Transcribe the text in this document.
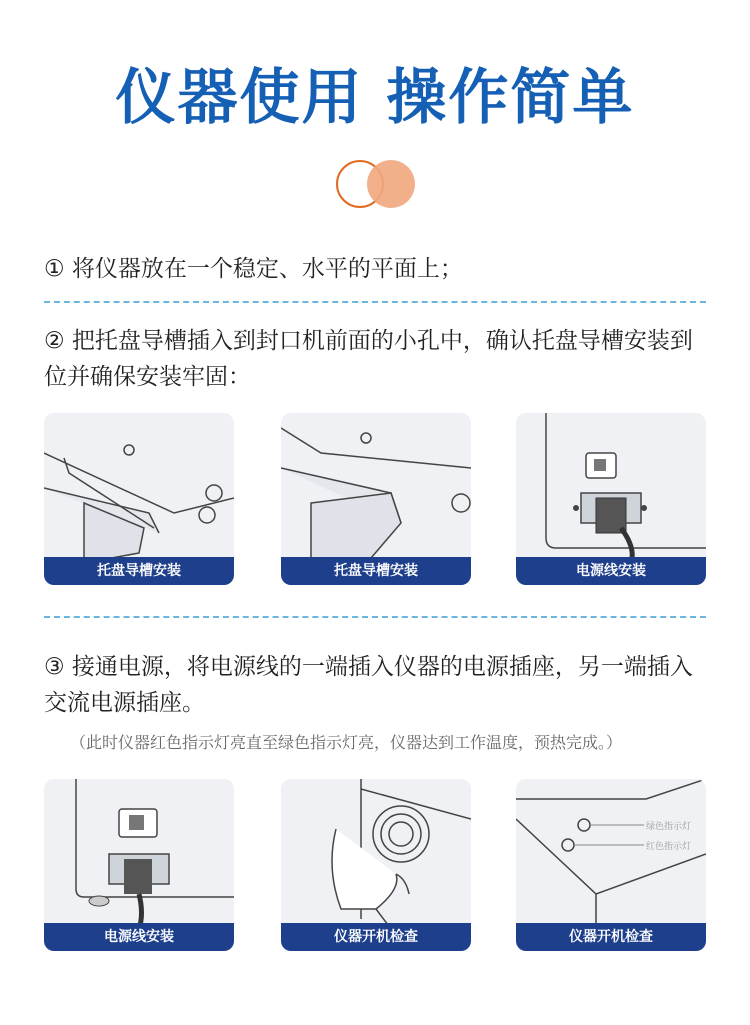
仪器使用 操作简单
① 将仪器放在一个稳定、水平的平面上；
② 把托盘导槽插入到封口机前面的小孔中，确认托盘导槽安装到
位并确保安装牢固：
托盘导槽安装	托盘导槽安装	电源线安装
③ 接通电源，将电源线的一端插入仪器的电源插座，另一端插入
交流电源插座。
（此时仪器红色指示灯亮直至绿色指示灯亮，仪器达到工作温度，预热完成。）
电源线安装	仪器开机检查
绿色指示灯
红色指示灯
仪器开机检查
